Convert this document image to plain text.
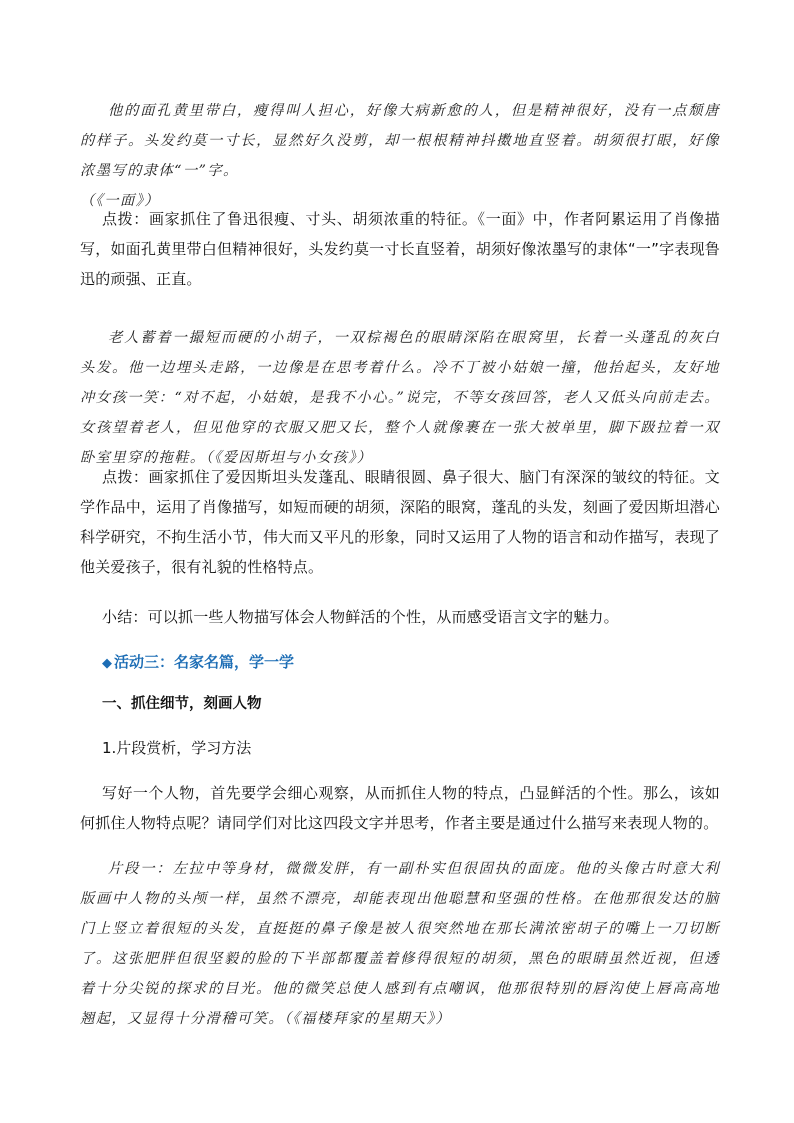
他的面孔黄里带白，瘦得叫人担心，好像大病新愈的人，但是精神很好，没有一点颓唐的样子。头发约莫一寸长，显然好久没剪，却一根根精神抖擞地直竖着。胡须很打眼，好像浓墨写的隶体“一”字。
（《一面》）

点拨：画家抓住了鲁迅很瘦、寸头、胡须浓重的特征。《一面》中，作者阿累运用了肖像描写，如面孔黄里带白但精神很好，头发约莫一寸长直竖着，胡须好像浓墨写的隶体“一”字表现鲁迅的顽强、正直。

老人蓄着一撮短而硬的小胡子，一双棕褐色的眼睛深陷在眼窝里，长着一头蓬乱的灰白头发。他一边埋头走路，一边像是在思考着什么。冷不丁被小姑娘一撞，他抬起头，友好地冲女孩一笑：“对不起，小姑娘，是我不小心。”说完，不等女孩回答，老人又低头向前走去。女孩望着老人，但见他穿的衣服又肥又长，整个人就像裹在一张大被单里，脚下趿拉着一双卧室里穿的拖鞋。（《爱因斯坦与小女孩》）

点拨：画家抓住了爱因斯坦头发蓬乱、眼睛很圆、鼻子很大、脑门有深深的皱纹的特征。文学作品中，运用了肖像描写，如短而硬的胡须，深陷的眼窝，蓬乱的头发，刻画了爱因斯坦潜心科学研究，不拘生活小节，伟大而又平凡的形象，同时又运用了人物的语言和动作描写，表现了他关爱孩子，很有礼貌的性格特点。

小结：可以抓一些人物描写体会人物鲜活的个性，从而感受语言文字的魅力。

◆ 活动三：名家名篇，学一学
一、抓住细节，刻画人物
1.片段赏析，学习方法

写好一个人物，首先要学会细心观察，从而抓住人物的特点，凸显鲜活的个性。那么，该如何抓住人物特点呢？请同学们对比这四段文字并思考，作者主要是通过什么描写来表现人物的。

片段一：左拉中等身材，微微发胖，有一副朴实但很固执的面庞。他的头像古时意大利版画中人物的头颅一样，虽然不漂亮，却能表现出他聪慧和坚强的性格。在他那很发达的脑门上竖立着很短的头发，直挺挺的鼻子像是被人很突然地在那长满浓密胡子的嘴上一刀切断了。这张肥胖但很坚毅的脸的下半部都覆盖着修得很短的胡须，黑色的眼睛虽然近视，但透着十分尖锐的探求的目光。他的微笑总使人感到有点嘲讽，他那很特别的唇沟使上唇高高地翘起，又显得十分滑稽可笑。（《福楼拜家的星期天》）
